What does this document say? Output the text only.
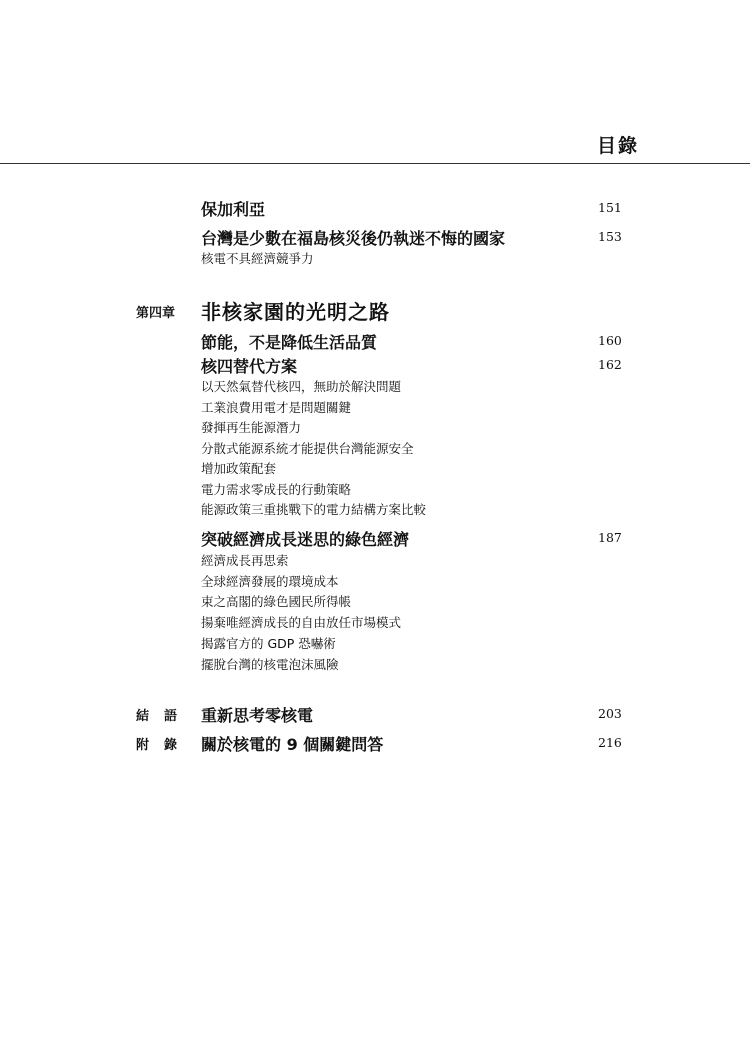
目錄
保加利亞	151
台灣是少數在福島核災後仍執迷不悔的國家	153
核電不具經濟競爭力
第四章 非核家園的光明之路
節能，不是降低生活品質	160
核四替代方案	162
以天然氣替代核四，無助於解決問題
工業浪費用電才是問題關鍵
發揮再生能源潛力
分散式能源系統才能提供台灣能源安全
增加政策配套
電力需求零成長的行動策略
能源政策三重挑戰下的電力結構方案比較
突破經濟成長迷思的綠色經濟	187
經濟成長再思索
全球經濟發展的環境成本
束之高閣的綠色國民所得帳
揚棄唯經濟成長的自由放任市場模式
揭露官方的 GDP 恐嚇術
擺脫台灣的核電泡沫風險
結語 重新思考零核電	203
附錄 關於核電的 9 個關鍵問答	216
